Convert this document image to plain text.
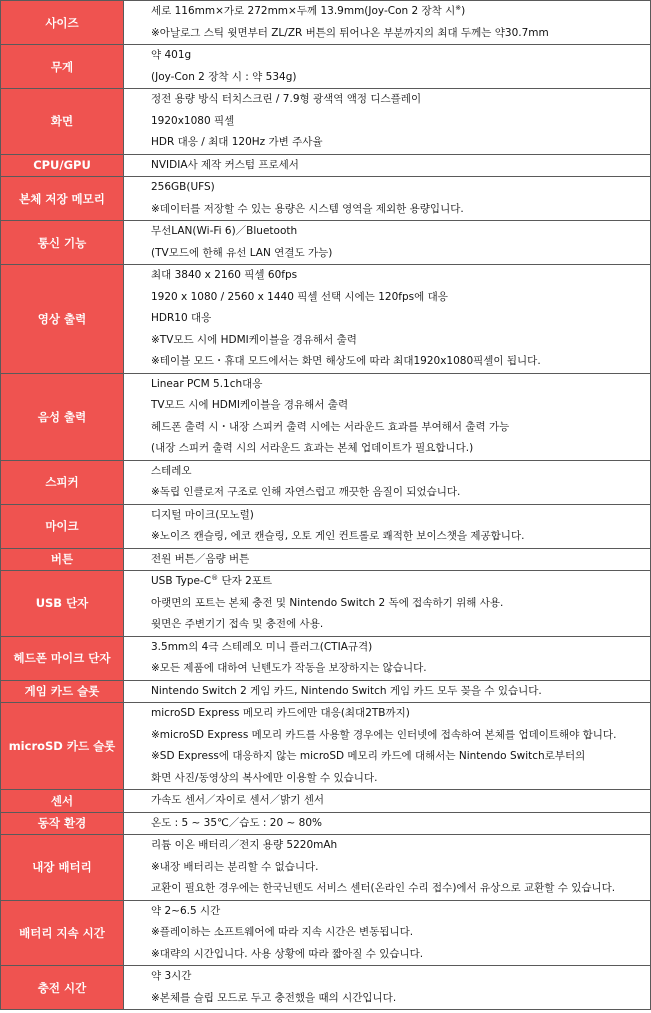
사이즈	세로 116mm×가로 272mm×두께 13.9mm(Joy-Con 2 장착 시※)
※아날로그 스틱 윗면부터 ZL/ZR 버튼의 튀어나온 부분까지의 최대 두께는 약30.7mm

무게	약 401g
(Joy-Con 2 장착 시 : 약 534g)

화면	정전 용량 방식 터치스크린 / 7.9형 광색역 액정 디스플레이
1920x1080 픽셀
HDR 대응 / 최대 120Hz 가변 주사율

CPU/GPU	NVIDIA사 제작 커스텀 프로세서

본체 저장 메모리	256GB(UFS)
※데이터를 저장할 수 있는 용량은 시스템 영역을 제외한 용량입니다.

통신 기능	무선LAN(Wi-Fi 6)／Bluetooth
(TV모드에 한해 유선 LAN 연결도 가능)

영상 출력	최대 3840 x 2160 픽셀 60fps
1920 x 1080 / 2560 x 1440 픽셀 선택 시에는 120fps에 대응
HDR10 대응
※TV모드 시에 HDMI케이블을 경유해서 출력
※테이블 모드・휴대 모드에서는 화면 해상도에 따라 최대1920x1080픽셀이 됩니다.

음성 출력	Linear PCM 5.1ch대응
TV모드 시에 HDMI케이블을 경유해서 출력
헤드폰 출력 시・내장 스피커 출력 시에는 서라운드 효과를 부여해서 출력 가능
(내장 스피커 출력 시의 서라운드 효과는 본체 업데이트가 필요합니다.)

스피커	스테레오
※독립 인클로저 구조로 인해 자연스럽고 깨끗한 음질이 되었습니다.

마이크	디지털 마이크(모노럴)
※노이즈 캔슬링, 에코 캔슬링, 오토 게인 컨트롤로 쾌적한 보이스챗을 제공합니다.

버튼	전원 버튼／음량 버튼

USB 단자	USB Type-C® 단자 2포트
아랫면의 포트는 본체 충전 및 Nintendo Switch 2 독에 접속하기 위해 사용.
윗면은 주변기기 접속 및 충전에 사용.

헤드폰 마이크 단자	3.5mm의 4극 스테레오 미니 플러그(CTIA규격)
※모든 제품에 대하여 닌텐도가 작동을 보장하지는 않습니다.

게임 카드 슬롯	Nintendo Switch 2 게임 카드, Nintendo Switch 게임 카드 모두 꽂을 수 있습니다.

microSD 카드 슬롯	microSD Express 메모리 카드에만 대응(최대2TB까지)
※microSD Express 메모리 카드를 사용할 경우에는 인터넷에 접속하여 본체를 업데이트해야 합니다.
※SD Express에 대응하지 않는 microSD 메모리 카드에 대해서는 Nintendo Switch로부터의
화면 사진/동영상의 복사에만 이용할 수 있습니다.

센서	가속도 센서／자이로 센서／밝기 센서

동작 환경	온도 : 5 ~ 35℃／습도 : 20 ~ 80%

내장 배터리	리튬 이온 배터리／전지 용량 5220mAh
※내장 배터리는 분리할 수 없습니다.
교환이 필요한 경우에는 한국닌텐도 서비스 센터(온라인 수리 접수)에서 유상으로 교환할 수 있습니다.

배터리 지속 시간	약 2~6.5 시간
※플레이하는 소프트웨어에 따라 지속 시간은 변동됩니다.
※대략의 시간입니다. 사용 상황에 따라 짧아질 수 있습니다.

충전 시간	약 3시간
※본체를 슬립 모드로 두고 충전했을 때의 시간입니다.
